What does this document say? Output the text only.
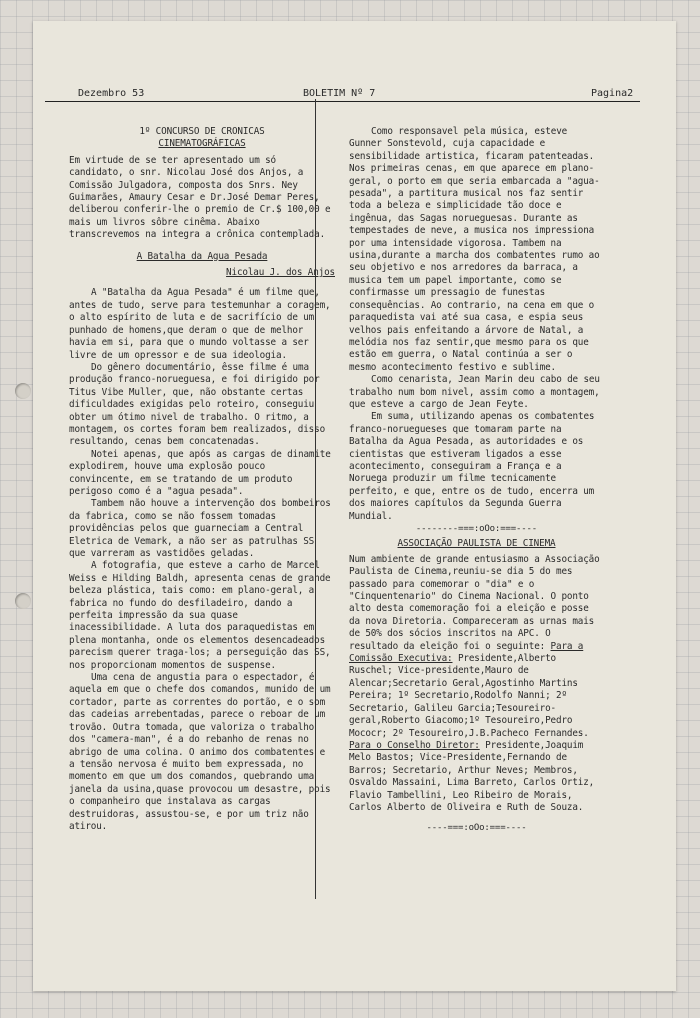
Dezembro 53	BOLETIM Nº 7	Pagina2

1º CONCURSO DE CRONICAS

CINEMATOGRÁFICAS

Em virtude de se ter apresentado um só candidato, o snr. Nicolau José dos Anjos, a Comissão Julgadora, composta dos Snrs. Ney Guimarães, Amaury Cesar e Dr.José Demar Peres, deliberou conferir-lhe o premio de Cr.$ 100,00 e mais um livros sôbre cinêma. Abaixo transcrevemos na integra a crônica contemplada.

A Batalha da Agua Pesada

Nicolau J. dos Anjos

A "Batalha da Agua Pesada" é um filme que, antes de tudo, serve para testemunhar a coragem, o alto espírito de luta e de sacrifício de um punhado de homens,que deram o que de melhor havia em si, para que o mundo voltasse a ser livre de um opressor e de sua ideologia.

Do gênero documentário, êsse filme é uma produção franco-norueguesa, e foi dirigido por Titus Vibe Muller, que, não obstante certas dificuldades exigidas pelo roteiro, conseguiu obter um ótimo nivel de trabalho. O ritmo, a montagem, os cortes foram bem realizados, disso resultando, cenas bem concatenadas.

Notei apenas, que após as cargas de dinamite explodirem, houve uma explosão pouco convincente, em se tratando de um produto perigoso como é a "agua pesada".

Tambem não houve a intervenção dos bombeiros da fabrica, como se não fossem tomadas providências pelos que guarneciam a Central Eletrica de Vemark, a não ser as patrulhas SS que varreram as vastidões geladas.

A fotografia, que esteve a carho de Marcel Weiss e Hilding Baldh, apresenta cenas de grande beleza plástica, tais como: em plano-geral, a fabrica no fundo do desfiladeiro, dando a perfeita impressão da sua quase inacessibilidade. A luta dos paraquedistas em plena montanha, onde os elementos desencadeados parecism querer traga-los; a perseguição das SS, nos proporcionam momentos de suspense.

Uma cena de angustia para o espectador, é aquela em que o chefe dos comandos, munido de um cortador, parte as correntes do portão, e o som das cadeias arrebentadas, parece o reboar de um trovão. Outra tomada, que valoriza o trabalho dos "camera-man", é a do rebanho de renas no abrigo de uma colina. O animo dos combatentes e a tensão nervosa é muito bem expressada, no momento em que um dos comandos, quebrando uma janela da usina,quase provocou um desastre, pois o companheiro que instalava as cargas destruidoras, assustou-se, e por um triz não atirou.

Como responsavel pela música, esteve Gunner Sonstevold, cuja capacidade e sensibilidade artistica, ficaram patenteadas. Nos primeiras cenas, em que aparece em plano-geral, o porto em que seria embarcada a "agua-pesada", a partitura musical nos faz sentir toda a beleza e simplicidade tão doce e ingênua, das Sagas norueguesas. Durante as tempestades de neve, a musica nos impressiona por uma intensidade vigorosa. Tambem na usina,durante a marcha dos combatentes rumo ao seu objetivo e nos arredores da barraca, a musica tem um papel importante, como se confirmasse um pressagio de funestas consequências. Ao contrario, na cena em que o paraquedista vai até sua casa, e espia seus velhos pais enfeitando a árvore de Natal, a melódia nos faz sentir,que mesmo para os que estão em guerra, o Natal continúa a ser o mesmo acontecimento festivo e sublime.

Como cenarista, Jean Marin deu cabo de seu trabalho num bom nivel, assim como a montagem, que esteve a cargo de Jean Feyte.

Em suma, utilizando apenas os combatentes franco-noruegueses que tomaram parte na Batalha da Agua Pesada, as autoridades e os cientistas que estiveram ligados a esse acontecimento, conseguiram a França e a Noruega produzir um filme tecnicamente perfeito, e que, entre os de tudo, encerra um dos maiores capítulos da Segunda Guerra Mundial.

--------===:oOo:===----

ASSOCIAÇÃO PAULISTA DE CINEMA

Num ambiente de grande entusiasmo a Associação Paulista de Cinema,reuniu-se dia 5 do mes passado para comemorar o "dia" e o "Cinquentenario" do Cinema Nacional. O ponto alto desta comemoração foi a eleição e posse da nova Diretoria. Compareceram as urnas mais de 50% dos sócios inscritos na APC. O resultado da eleição foi o seguinte: Para a Comissão Executiva: Presidente,Alberto Ruschel; Vice-presidente,Mauro de Alencar;Secretario Geral,Agostinho Martins Pereira; 1º Secretario,Rodolfo Nanni; 2º Secretario, Galileu Garcia;Tesoureiro-geral,Roberto Giacomo;1º Tesoureiro,Pedro Mococr; 2º Tesoureiro,J.B.Pacheco Fernandes. Para o Conselho Diretor: Presidente,Joaquim Melo Bastos; Vice-Presidente,Fernando de Barros; Secretario, Arthur Neves; Membros, Osvaldo Massaini, Lima Barreto, Carlos Ortiz, Flavio Tambellini, Leo Ribeiro de Morais, Carlos Alberto de Oliveira e Ruth de Souza.

----===:oOo:===----
